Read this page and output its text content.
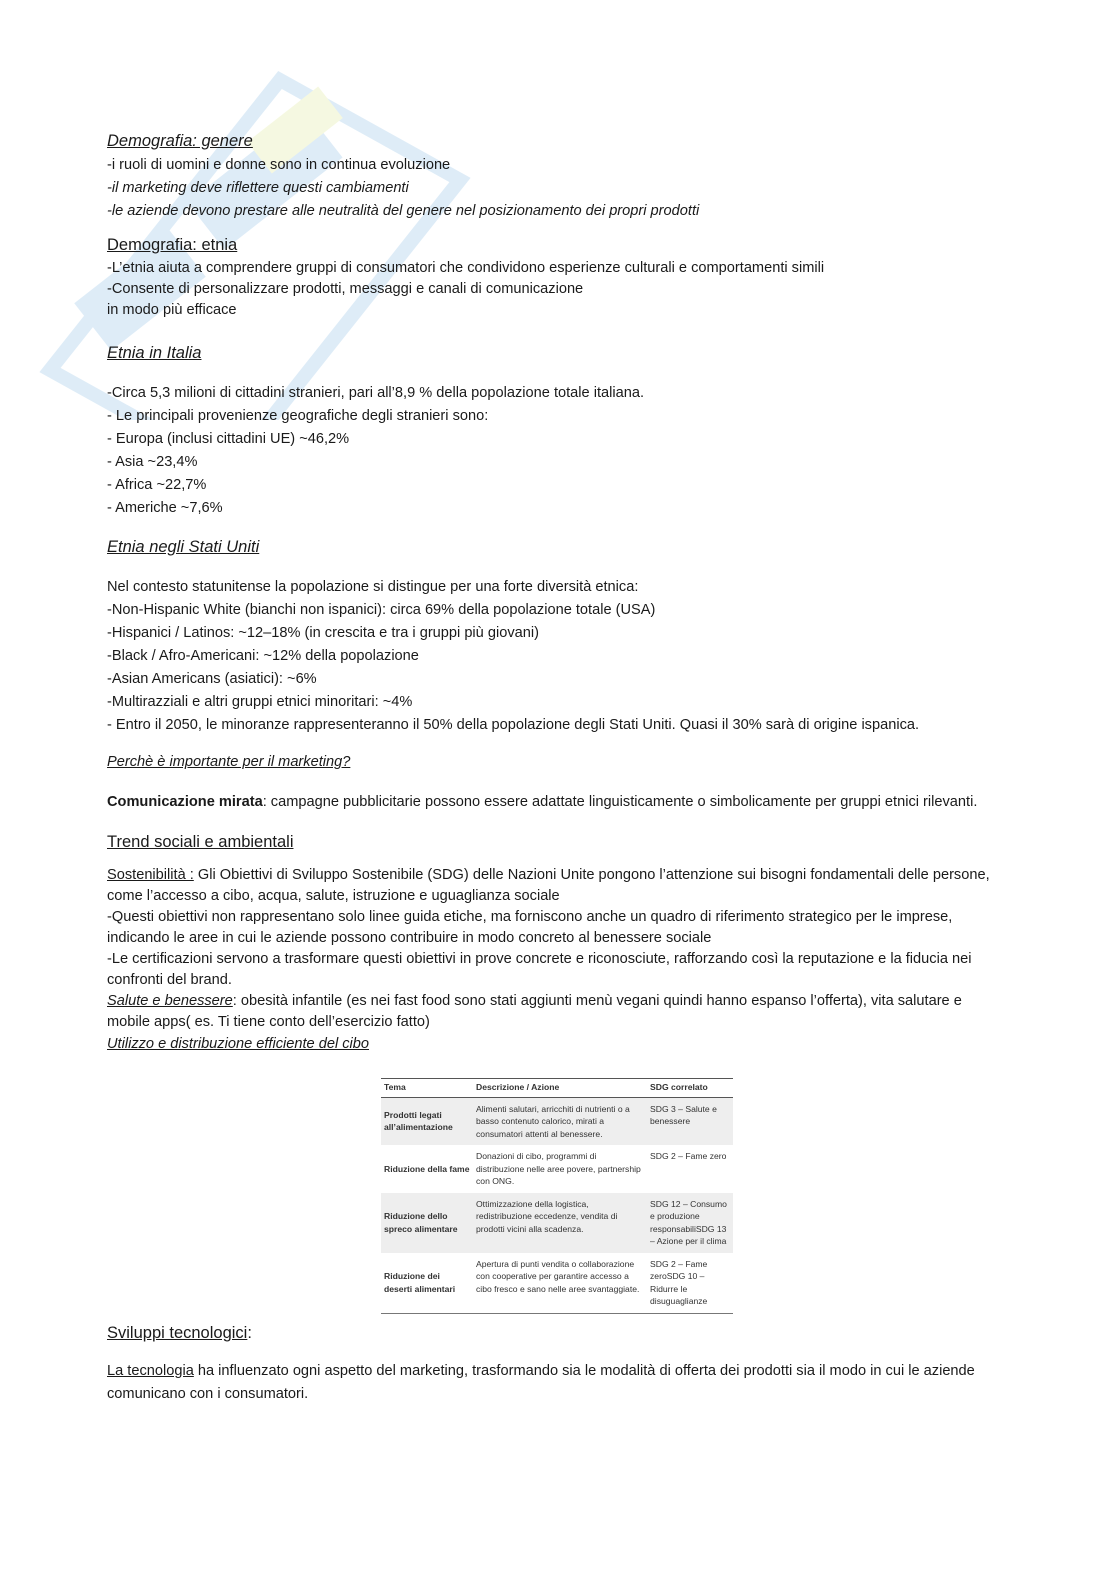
Demografia: genere

-i ruoli di uomini e donne sono in continua evoluzione

-il marketing deve riflettere questi cambiamenti

-le aziende devono prestare alle neutralità del genere nel posizionamento dei propri prodotti

Demografia: etnia

-L’etnia aiuta a comprendere gruppi di consumatori che condividono esperienze culturali e comportamenti simili

-Consente di personalizzare prodotti, messaggi e canali di comunicazione

in modo più efficace

Etnia in Italia

-Circa 5,3 milioni di cittadini stranieri, pari all’8,9 % della popolazione totale italiana.

- Le principali provenienze geografiche degli stranieri sono:

- Europa (inclusi cittadini UE) ~46,2%

- Asia ~23,4%

- Africa ~22,7%

- Americhe ~7,6%

Etnia negli Stati Uniti

Nel contesto statunitense la popolazione si distingue per una forte diversità etnica:

-Non-Hispanic White (bianchi non ispanici): circa 69% della popolazione totale (USA)

-Hispanici / Latinos: ~12–18% (in crescita e tra i gruppi più giovani)

-Black / Afro-Americani: ~12% della popolazione

-Asian Americans (asiatici): ~6%

-Multirazziali e altri gruppi etnici minoritari: ~4%

- Entro il 2050, le minoranze rappresenteranno il 50% della popolazione degli Stati Uniti. Quasi il 30% sarà di origine ispanica.

Perchè è importante per il marketing?

Comunicazione mirata: campagne pubblicitarie possono essere adattate linguisticamente o simbolicamente per gruppi etnici rilevanti.

Trend sociali e ambientali

Sostenibilità : Gli Obiettivi di Sviluppo Sostenibile (SDG) delle Nazioni Unite pongono l’attenzione sui bisogni fondamentali delle persone, come l’accesso a cibo, acqua, salute, istruzione e uguaglianza sociale

-Questi obiettivi non rappresentano solo linee guida etiche, ma forniscono anche un quadro di riferimento strategico per le imprese, indicando le aree in cui le aziende possono contribuire in modo concreto al benessere sociale

-Le certificazioni servono a trasformare questi obiettivi in prove concrete e riconosciute, rafforzando così la reputazione e la fiducia nei confronti del brand.

Salute e benessere: obesità infantile (es nei fast food sono stati aggiunti menù vegani quindi hanno espanso l’offerta), vita salutare e mobile apps( es. Ti tiene conto dell’esercizio fatto)

Utilizzo e distribuzione efficiente del cibo

Tema	Descrizione / Azione	SDG correlato
Prodotti legati all’alimentazione	Alimenti salutari, arricchiti di nutrienti o a basso contenuto calorico, mirati a consumatori attenti al benessere.	SDG 3 – Salute e benessere
Riduzione della fame	Donazioni di cibo, programmi di distribuzione nelle aree povere, partnership con ONG.	SDG 2 – Fame zero
Riduzione dello spreco alimentare	Ottimizzazione della logistica, redistribuzione eccedenze, vendita di prodotti vicini alla scadenza.	SDG 12 – Consumo e produzione responsabiliSDG 13 – Azione per il clima
Riduzione dei deserti alimentari	Apertura di punti vendita o collaborazione con cooperative per garantire accesso a cibo fresco e sano nelle aree svantaggiate.	SDG 2 – Fame zeroSDG 10 – Ridurre le disuguaglianze

Sviluppi tecnologici:

La tecnologia ha influenzato ogni aspetto del marketing, trasformando sia le modalità di offerta dei prodotti sia il modo in cui le aziende comunicano con i consumatori.
